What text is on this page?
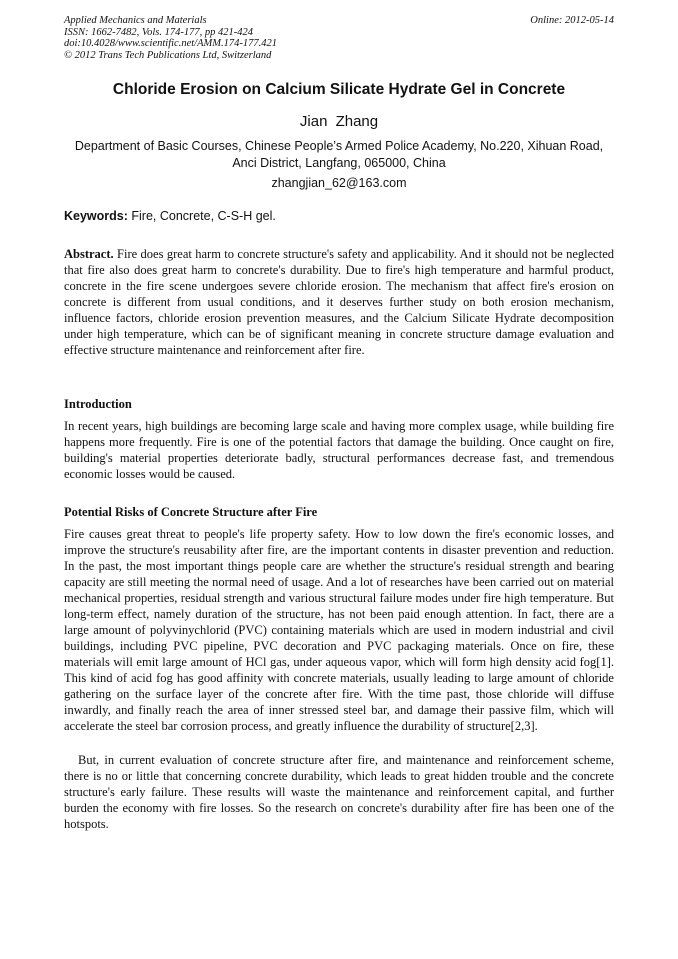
Applied Mechanics and Materials
ISSN: 1662-7482, Vols. 174-177, pp 421-424
doi:10.4028/www.scientific.net/AMM.174-177.421
© 2012 Trans Tech Publications Ltd, Switzerland
Online: 2012-05-14
Chloride Erosion on Calcium Silicate Hydrate Gel in Concrete
Jian Zhang
Department of Basic Courses, Chinese People’s Armed Police Academy, No.220, Xihuan Road,
Anci District, Langfang, 065000, China
zhangjian_62@163.com
Keywords: Fire, Concrete, C-S-H gel.

Abstract. Fire does great harm to concrete structure's safety and applicability. And it should not be neglected that fire also does great harm to concrete's durability. Due to fire's high temperature and harmful product, concrete in the fire scene undergoes severe chloride erosion. The mechanism that affect fire's erosion on concrete is different from usual conditions, and it deserves further study on both erosion mechanism, influence factors, chloride erosion prevention measures, and the Calcium Silicate Hydrate decomposition under high temperature, which can be of significant meaning in concrete structure damage evaluation and effective structure maintenance and reinforcement after fire.

Introduction

In recent years, high buildings are becoming large scale and having more complex usage, while building fire happens more frequently. Fire is one of the potential factors that damage the building. Once caught on fire, building's material properties deteriorate badly, structural performances decrease fast, and tremendous economic losses would be caused.

Potential Risks of Concrete Structure after Fire

Fire causes great threat to people's life property safety. How to low down the fire's economic losses, and improve the structure's reusability after fire, are the important contents in disaster prevention and reduction. In the past, the most important things people care are whether the structure's residual strength and bearing capacity are still meeting the normal need of usage. And a lot of researches have been carried out on material mechanical properties, residual strength and various structural failure modes under fire high temperature. But long-term effect, namely duration of the structure, has not been paid enough attention. In fact, there are a large amount of polyvinychlorid (PVC) containing materials which are used in modern industrial and civil buildings, including PVC pipeline, PVC decoration and PVC packaging materials. Once on fire, these materials will emit large amount of HCl gas, under aqueous vapor, which will form high density acid fog[1]. This kind of acid fog has good affinity with concrete materials, usually leading to large amount of chloride gathering on the surface layer of the concrete after fire. With the time past, those chloride will diffuse inwardly, and finally reach the area of inner stressed steel bar, and damage their passive film, which will accelerate the steel bar corrosion process, and greatly influence the durability of structure[2,3].

But, in current evaluation of concrete structure after fire, and maintenance and reinforcement scheme, there is no or little that concerning concrete durability, which leads to great hidden trouble and the concrete structure's early failure. These results will waste the maintenance and reinforcement capital, and further burden the economy with fire losses. So the research on concrete's durability after fire has been one of the hotspots.
